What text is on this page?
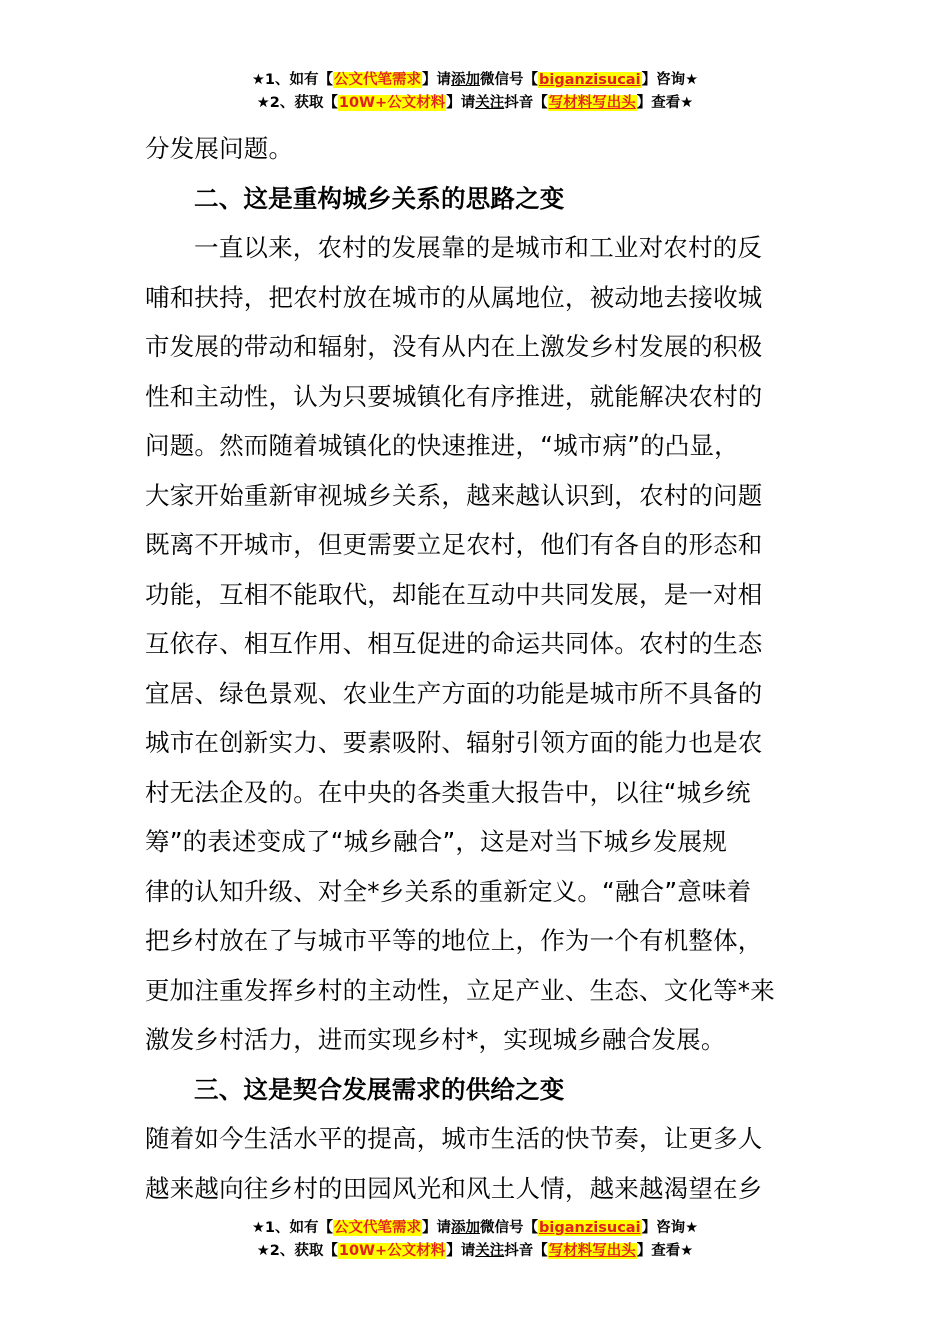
★1、如有【公文代笔需求】请添加微信号【biganzisucai】咨询★
★2、获取【10W+公文材料】请关注抖音【写材料写出头】查看★
分发展问题。
二、这是重构城乡关系的思路之变
一直以来，农村的发展靠的是城市和工业对农村的反
哺和扶持，把农村放在城市的从属地位，被动地去接收城
市发展的带动和辐射，没有从内在上激发乡村发展的积极
性和主动性，认为只要城镇化有序推进，就能解决农村的
问题。然而随着城镇化的快速推进，“城市病”的凸显，
大家开始重新审视城乡关系，越来越认识到，农村的问题
既离不开城市，但更需要立足农村，他们有各自的形态和
功能，互相不能取代，却能在互动中共同发展，是一对相
互依存、相互作用、相互促进的命运共同体。农村的生态
宜居、绿色景观、农业生产方面的功能是城市所不具备的
城市在创新实力、要素吸附、辐射引领方面的能力也是农
村无法企及的。在中央的各类重大报告中，以往“城乡统
筹”的表述变成了“城乡融合”，这是对当下城乡发展规
律的认知升级、对全*乡关系的重新定义。“融合”意味着
把乡村放在了与城市平等的地位上，作为一个有机整体，
更加注重发挥乡村的主动性，立足产业、生态、文化等*来
激发乡村活力，进而实现乡村*，实现城乡融合发展。
三、这是契合发展需求的供给之变
随着如今生活水平的提高，城市生活的快节奏，让更多人
越来越向往乡村的田园风光和风土人情，越来越渴望在乡
★1、如有【公文代笔需求】请添加微信号【biganzisucai】咨询★
★2、获取【10W+公文材料】请关注抖音【写材料写出头】查看★
